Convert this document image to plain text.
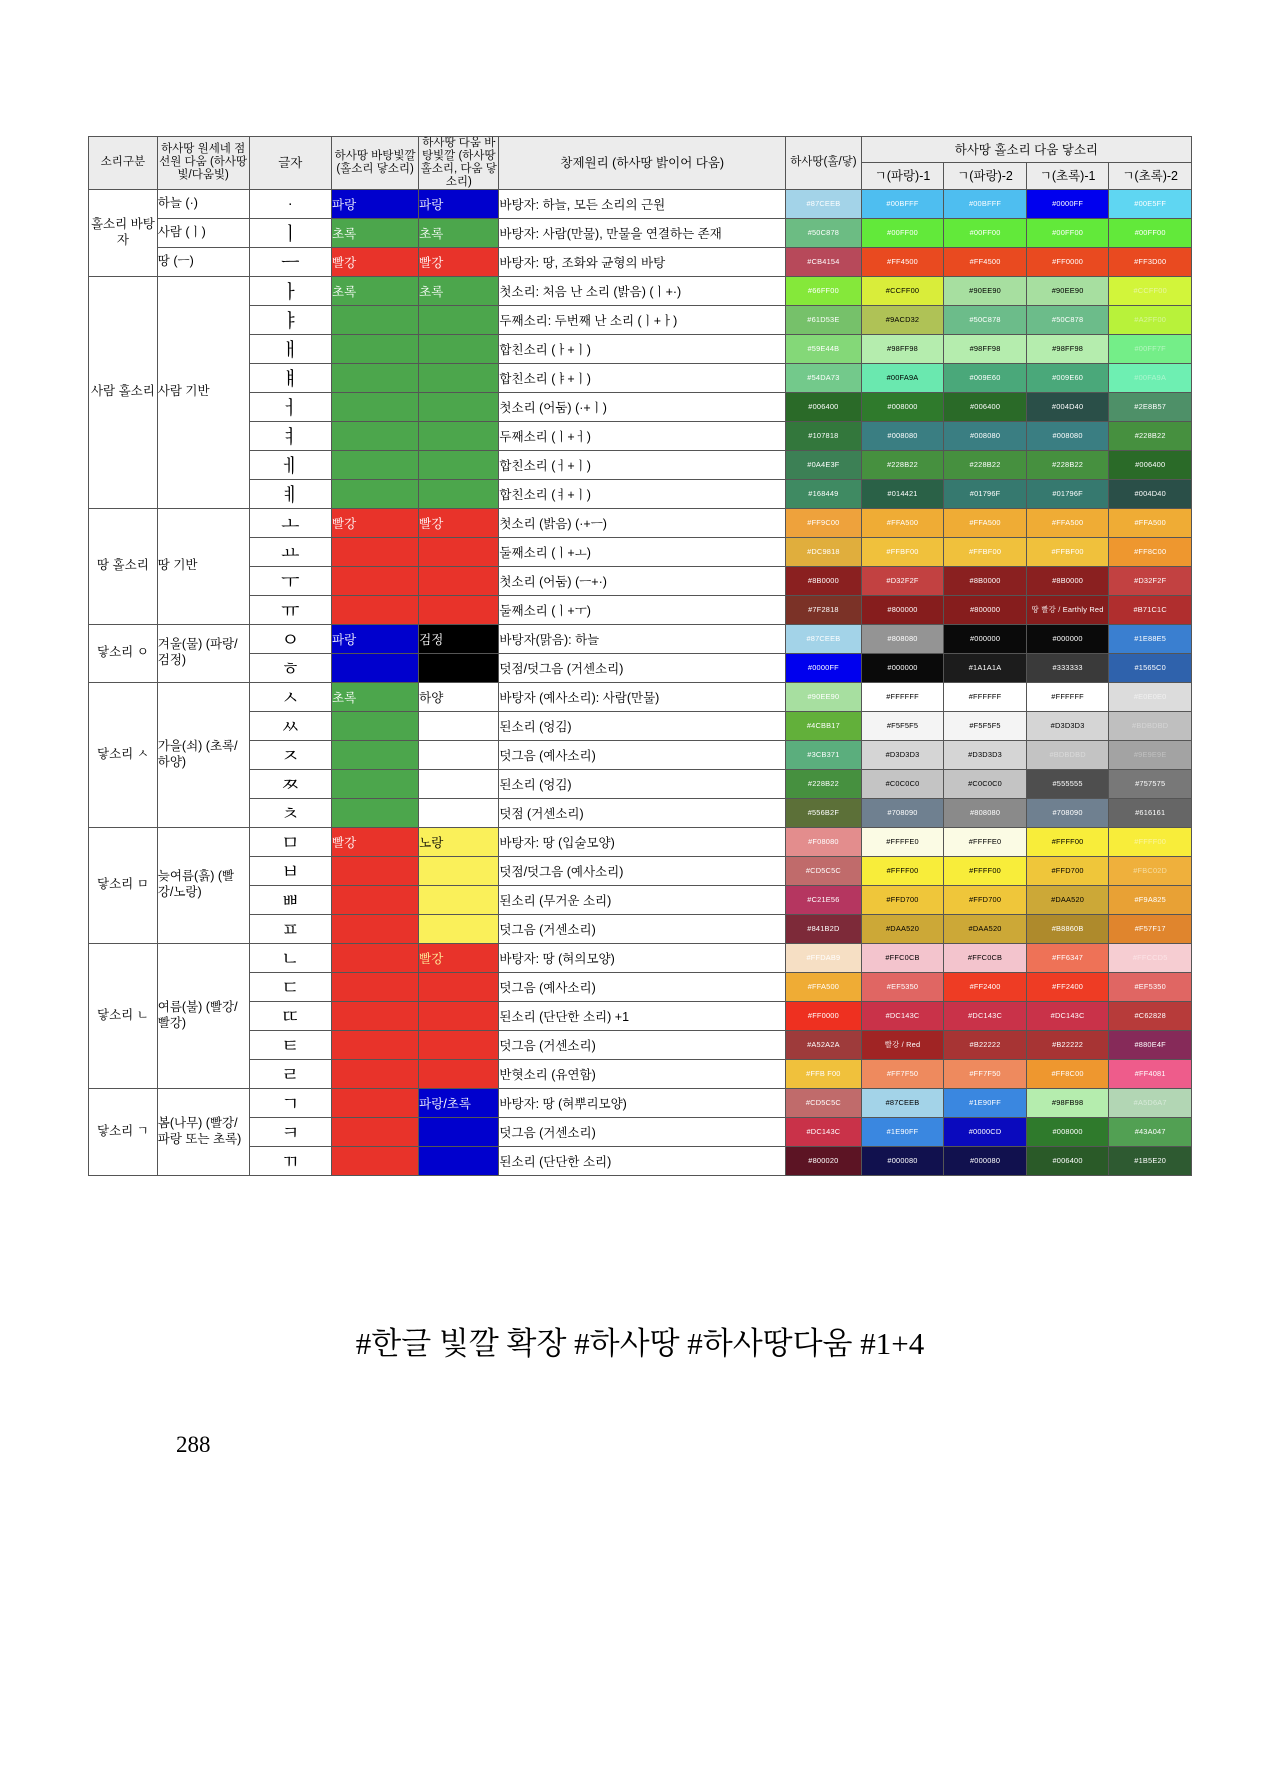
소리구분	하사땅 원세네 점선원 다움 (하사땅빛/다움빛)	글자	하사땅 바탕빛깔 (홀소리 닿소리)	하사땅 다움 바탕빛깔 (하사땅 홀소리, 다움 닿소리)	창제원리 (하사땅 밝이어 다움)	하사땅(홀/닿)	하사땅 홀소리 다움 닿소리			
							ㄱ(파랑)-1	ㄱ(파랑)-2	ㄱ(초록)-1	ㄱ(초록)-2
홀소리 바탕자	하늘 (·)	·	파랑	파랑	바탕자: 하늘, 모든 소리의 근원	#87CEEB	#00BFFF	#00BFFF	#0000FF	#00E5FF
	사람 (ㅣ)	ㅣ	초록	초록	바탕자: 사람(만물), 만물을 연결하는 존재	#50C878	#00FF00	#00FF00	#00FF00	#00FF00
	땅 (ㅡ)	ㅡ	빨강	빨강	바탕자: 땅, 조화와 균형의 바탕	#CB4154	#FF4500	#FF4500	#FF0000	#FF3D00
사람 홀소리	사람 기반	ㅏ	초록	초록	첫소리: 처음 난 소리 (밝음) (ㅣ+·)	#66FF00	#CCFF00	#90EE90	#90EE90	#CCFF00
		ㅑ			두째소리: 두번째 난 소리 (ㅣ+ㅏ)	#61D53E	#9ACD32	#50C878	#50C878	#A2FF00
		ㅐ			합친소리 (ㅏ+ㅣ)	#59E44B	#98FF98	#98FF98	#98FF98	#00FF7F
		ㅒ			합친소리 (ㅑ+ㅣ)	#54DA73	#00FA9A	#009E60	#009E60	#00FA9A
		ㅓ			첫소리 (어둠) (·+ㅣ)	#006400	#008000	#006400	#004D40	#2E8B57
		ㅕ			두째소리 (ㅣ+ㅓ)	#107818	#008080	#008080	#008080	#228B22
		ㅔ			합친소리 (ㅓ+ㅣ)	#0A4E3F	#228B22	#228B22	#228B22	#006400
		ㅖ			합친소리 (ㅕ+ㅣ)	#168449	#014421	#01796F	#01796F	#004D40
땅 홀소리	땅 기반	ㅗ	빨강	빨강	첫소리 (밝음) (·+ㅡ)	#FF9C00	#FFA500	#FFA500	#FFA500	#FFA500
		ㅛ			둘째소리 (ㅣ+ㅗ)	#DC9818	#FFBF00	#FFBF00	#FFBF00	#FF8C00
		ㅜ			첫소리 (어둠) (ㅡ+·)	#8B0000	#D32F2F	#8B0000	#8B0000	#D32F2F
		ㅠ			둘째소리 (ㅣ+ㅜ)	#7F2818	#800000	#800000	땅 빨강 / Earthly Red	#B71C1C
닿소리 ㅇ	겨울(물) (파랑/검정)	ㅇ	파랑	검정	바탕자(맑음): 하늘	#87CEEB	#808080	#000000	#000000	#1E88E5
		ㅎ			덧점/덧그음 (거센소리)	#0000FF	#000000	#1A1A1A	#333333	#1565C0
닿소리 ㅅ	가을(쇠) (초록/하양)	ㅅ	초록	하양	바탕자 (예사소리): 사람(만물)	#90EE90	#FFFFFF	#FFFFFF	#FFFFFF	#E0E0E0
		ㅆ			된소리 (엉김)	#4CBB17	#F5F5F5	#F5F5F5	#D3D3D3	#BDBDBD
		ㅈ			덧그음 (예사소리)	#3CB371	#D3D3D3	#D3D3D3	#BDBDBD	#9E9E9E
		ㅉ			된소리 (엉김)	#228B22	#C0C0C0	#C0C0C0	#555555	#757575
		ㅊ			덧점 (거센소리)	#556B2F	#708090	#808080	#708090	#616161
닿소리 ㅁ	늦여름(흙) (빨강/노랑)	ㅁ	빨강	노랑	바탕자: 땅 (입술모양)	#F08080	#FFFFE0	#FFFFE0	#FFFF00	#FFFF00
		ㅂ			덧점/덧그음 (예사소리)	#CD5C5C	#FFFF00	#FFFF00	#FFD700	#FBC02D
		ㅃ			된소리 (무거운 소리)	#C21E56	#FFD700	#FFD700	#DAA520	#F9A825
		ㅍ			덧그음 (거센소리)	#841B2D	#DAA520	#DAA520	#B8860B	#F57F17
닿소리 ㄴ	여름(불) (빨강/빨강)	ㄴ		빨강	바탕자: 땅 (혀의모양)	#FFDAB9	#FFC0CB	#FFC0CB	#FF6347	#FFCCD5
		ㄷ			덧그음 (예사소리)	#FFA500	#EF5350	#FF2400	#FF2400	#EF5350
		ㄸ			된소리 (단단한 소리) +1	#FF0000	#DC143C	#DC143C	#DC143C	#C62828
		ㅌ			덧그음 (거센소리)	#A52A2A	빨강 / Red	#B22222	#B22222	#880E4F
		ㄹ			반혓소리 (유연함)	#FFB F00	#FF7F50	#FF7F50	#FF8C00	#FF4081
닿소리 ㄱ	봄(나무) (빨강/파랑 또는 초록)	ㄱ		파랑/초록	바탕자: 땅 (혀뿌리모양)	#CD5C5C	#87CEEB	#1E90FF	#98FB98	#A5D6A7
		ㅋ			덧그음 (거센소리)	#DC143C	#1E90FF	#0000CD	#008000	#43A047
		ㄲ			된소리 (단단한 소리)	#800020	#000080	#000080	#006400	#1B5E20
#한글 빛깔 확장 #하사땅 #하사땅다움 #1+4
288
